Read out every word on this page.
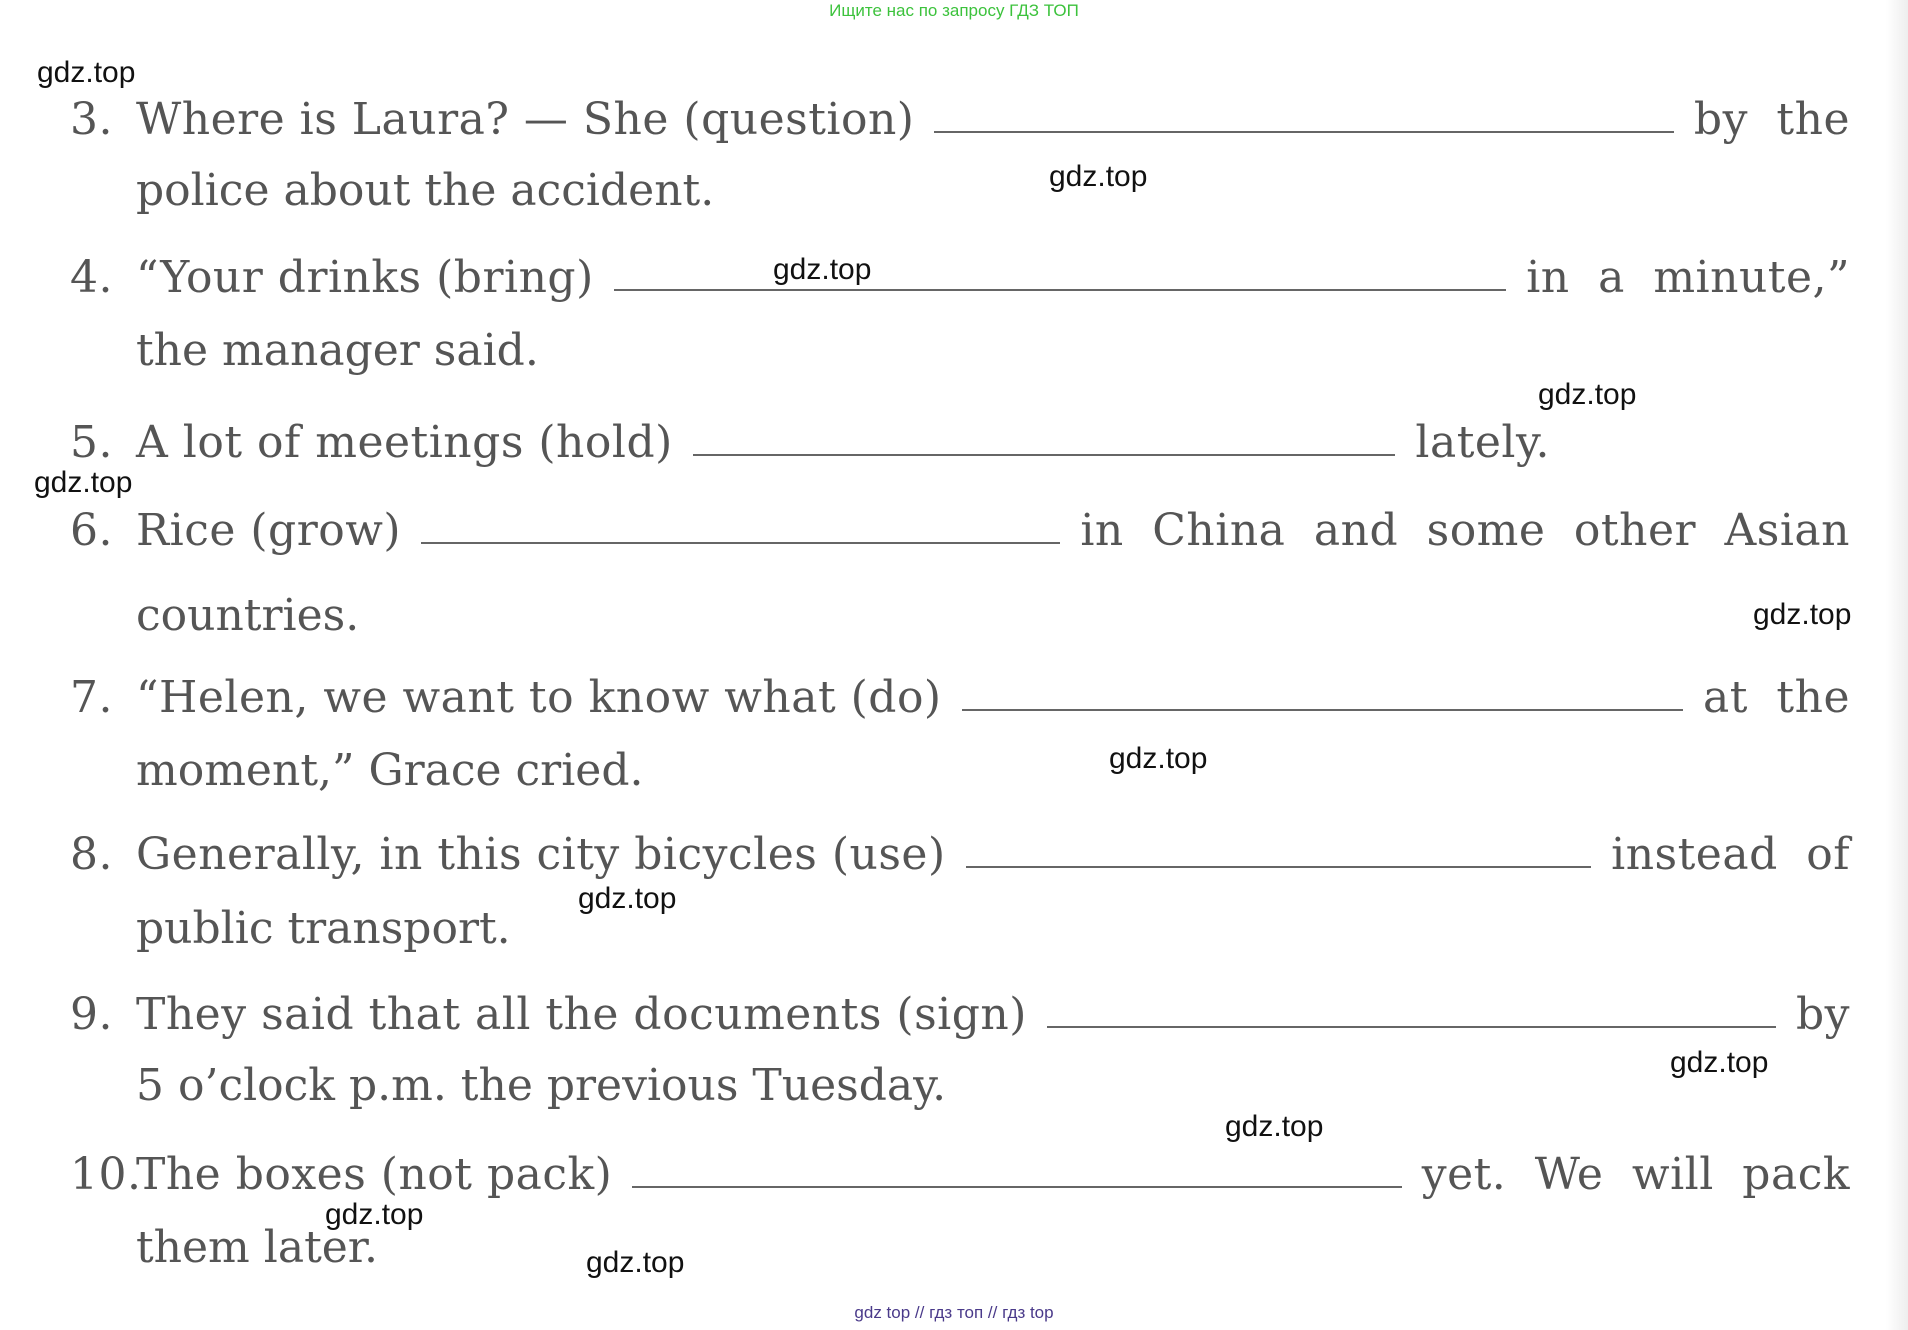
Ищите нас по запросу ГДЗ ТОП
3. Where is Laura? — She (question)	by the
police about the accident.
4. “Your drinks (bring)	in a minute,”
the manager said.
5. A lot of meetings (hold)	lately.
6. Rice (grow)	in China and some other Asian
countries.
7. “Helen, we want to know what (do)	at the
moment,” Grace cried.
8. Generally, in this city bicycles (use)	instead of
public transport.
9. They said that all the documents (sign)	by
5 o’clock p.m. the previous Tuesday.
10.
The boxes (not pack)	yet. We will pack
them later.
gdz.top
gdz.top
gdz.top
gdz.top
gdz.top
gdz.top
gdz.top
gdz.top
gdz.top
gdz.top
gdz.top
gdz.top
gdz top // гдз топ // гдз top
